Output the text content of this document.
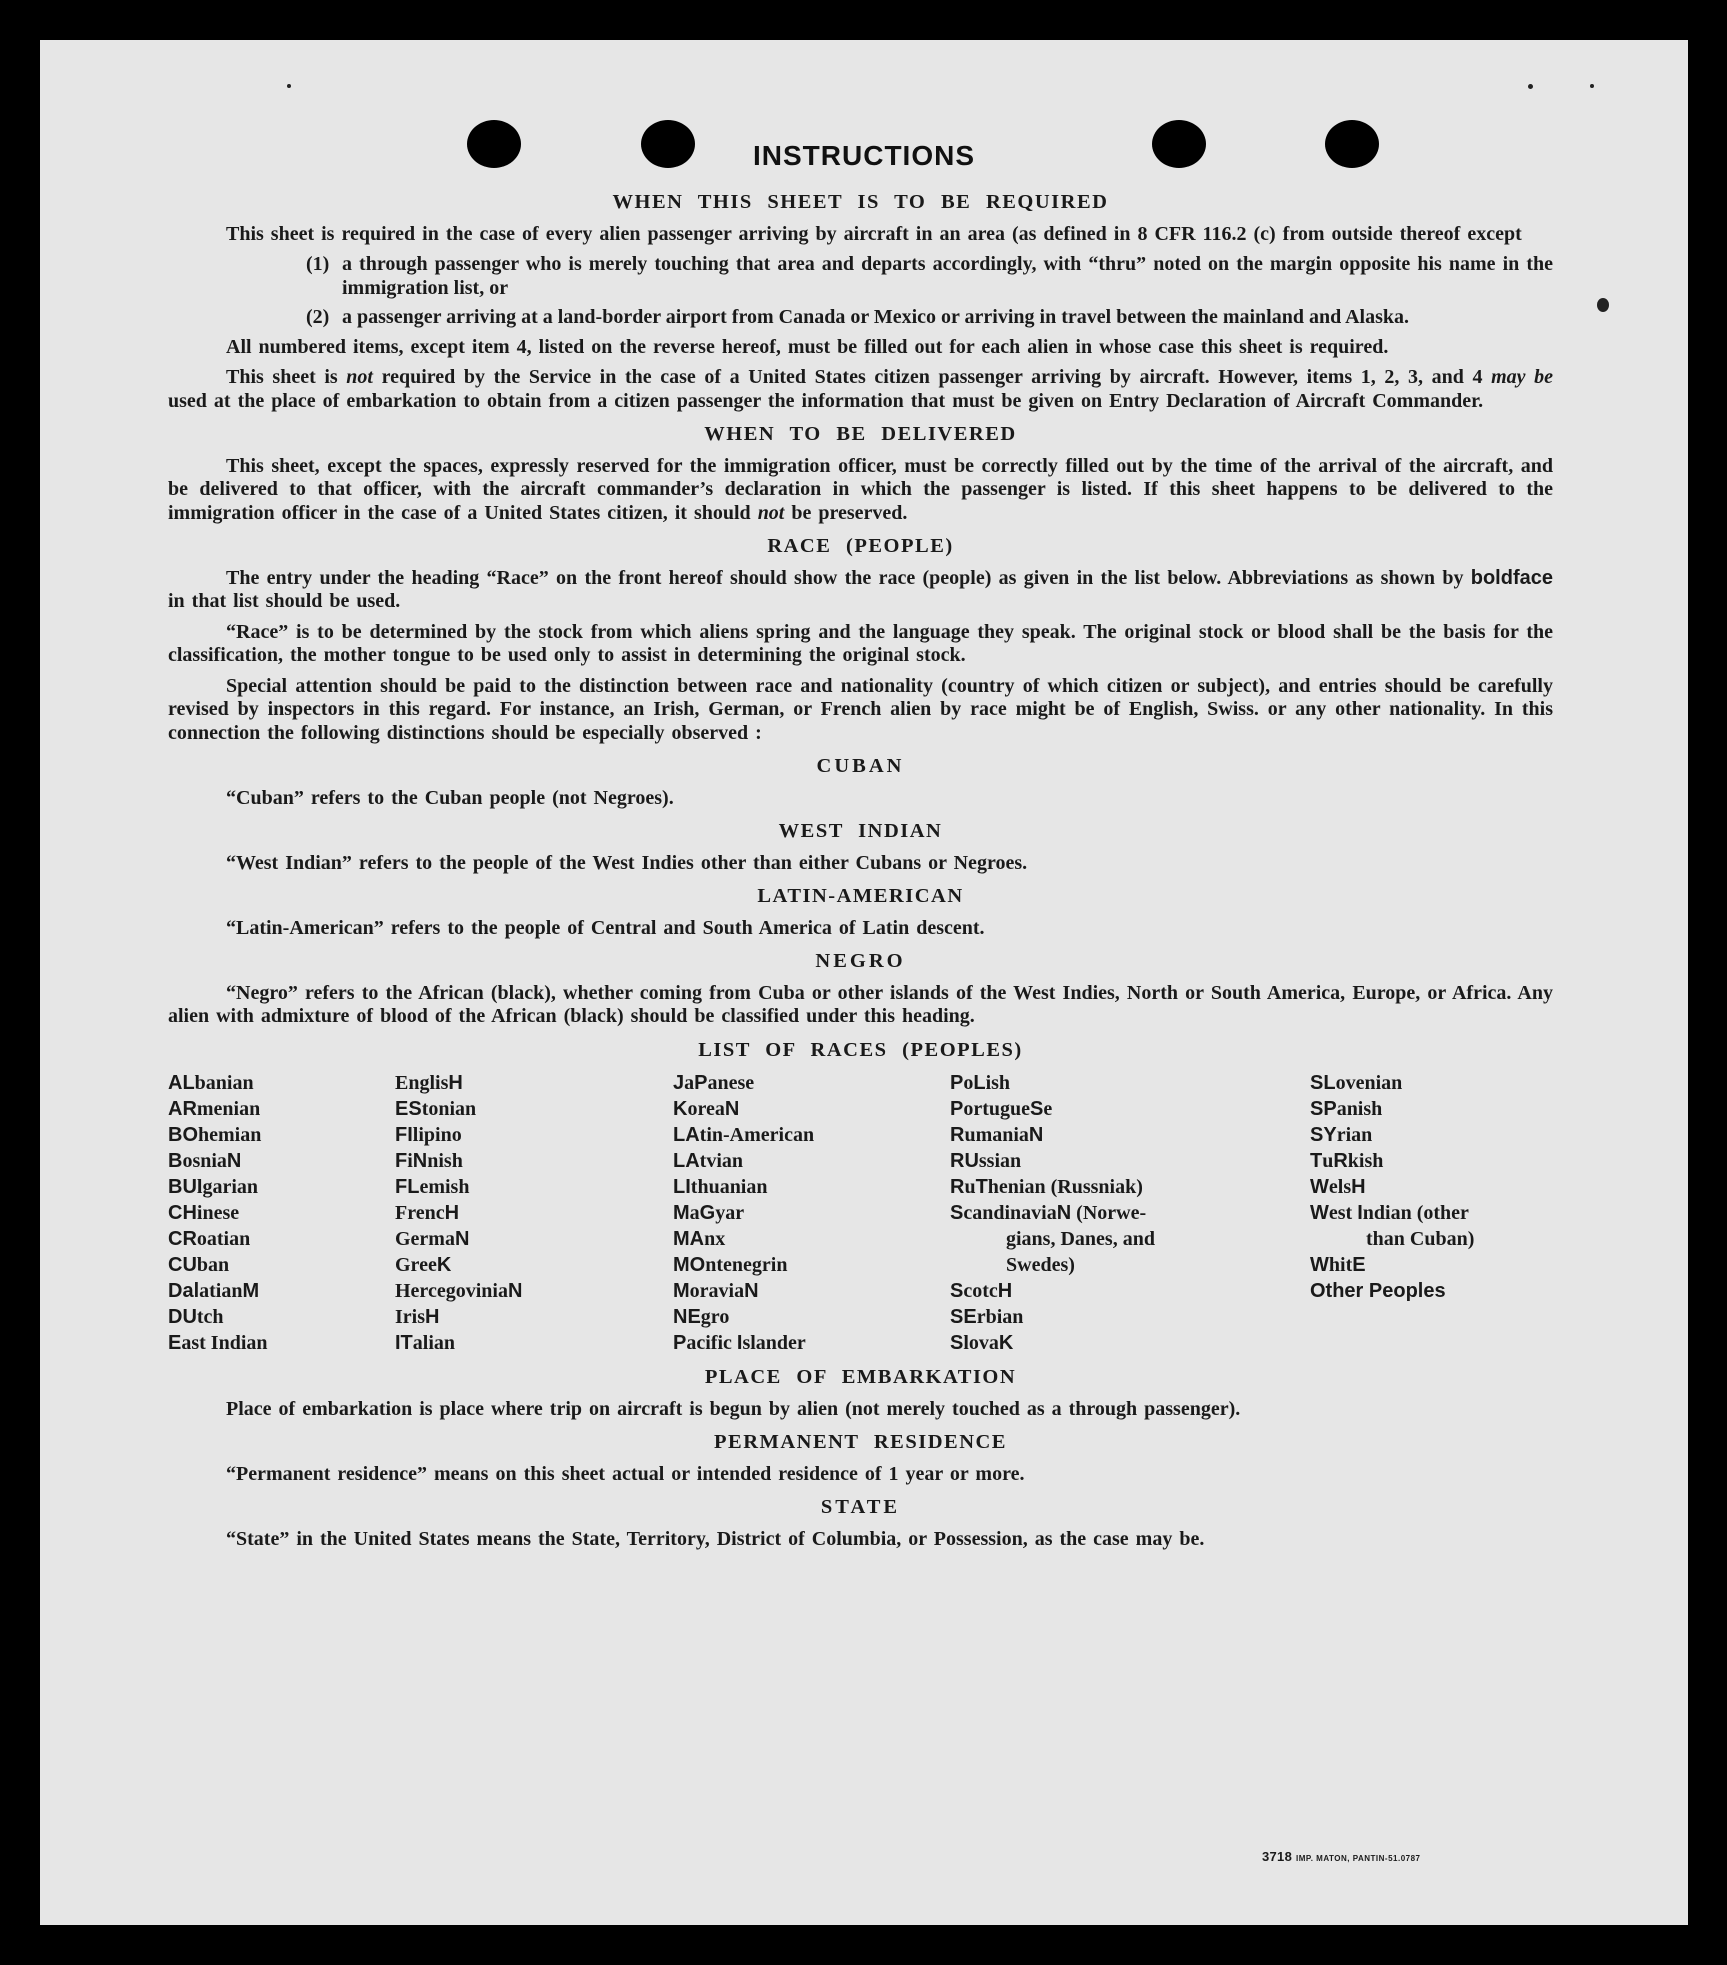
INSTRUCTIONS
WHEN THIS SHEET IS TO BE REQUIRED
This sheet is required in the case of every alien passenger arriving by aircraft in an area (as defined in 8 CFR 116.2 (c) from outside thereof except
(1) a through passenger who is merely touching that area and departs accordingly, with “thru” noted on the margin opposite his name in the immigration list, or
(2) a passenger arriving at a land-border airport from Canada or Mexico or arriving in travel between the mainland and Alaska.
All numbered items, except item 4, listed on the reverse hereof, must be filled out for each alien in whose case this sheet is required.
This sheet is not required by the Service in the case of a United States citizen passenger arriving by aircraft. However, items 1, 2, 3, and 4 may be used at the place of embarkation to obtain from a citizen passenger the information that must be given on Entry Declaration of Aircraft Commander.
WHEN TO BE DELIVERED
This sheet, except the spaces, expressly reserved for the immigration officer, must be correctly filled out by the time of the arrival of the aircraft, and be delivered to that officer, with the aircraft commander’s declaration in which the passenger is listed. If this sheet happens to be delivered to the immigration officer in the case of a United States citizen, it should not be preserved.
RACE (PEOPLE)
The entry under the heading “Race” on the front hereof should show the race (people) as given in the list below. Abbreviations as shown by boldface in that list should be used.
“Race” is to be determined by the stock from which aliens spring and the language they speak. The original stock or blood shall be the basis for the classification, the mother tongue to be used only to assist in determining the original stock.
Special attention should be paid to the distinction between race and nationality (country of which citizen or subject), and entries should be carefully revised by inspectors in this regard. For instance, an Irish, German, or French alien by race might be of English, Swiss. or any other nationality. In this connection the following distinctions should be especially observed :
CUBAN
“Cuban” refers to the Cuban people (not Negroes).
WEST INDIAN
“West Indian” refers to the people of the West Indies other than either Cubans or Negroes.
LATIN-AMERICAN
“Latin-American” refers to the people of Central and South America of Latin descent.
NEGRO
“Negro” refers to the African (black), whether coming from Cuba or other islands of the West Indies, North or South America, Europe, or Africa. Any alien with admixture of blood of the African (black) should be classified under this heading.
LIST OF RACES (PEOPLES)
ALbanian
ARmenian
BOhemian
BosniaN
BUlgarian
CHinese
CRoatian
CUban
DalatianM
DUtch
East Indian
EnglisH
EStonian
FIlipino
FiNnish
FLemish
FrencH
GermaN
GreeK
HercegoviniaN
IrisH
ITalian
JaPanese
KoreaN
LAtin-American
LAtvian
LIthuanian
MaGyar
MAnx
MOntenegrin
MoraviaN
NEgro
Pacific Islander
PoLish
PortugueSe
RumaniaN
RUssian
RuThenian (Russniak)
ScandinaviaN (Norwe-
gians, Danes, and
Swedes)
ScotcH
SErbian
SlovaK
SLovenian
SPanish
SYrian
TuRkish
WelsH
West Indian (other
than Cuban)
WhitE
Other Peoples
PLACE OF EMBARKATION
Place of embarkation is place where trip on aircraft is begun by alien (not merely touched as a through passenger).
PERMANENT RESIDENCE
“Permanent residence” means on this sheet actual or intended residence of 1 year or more.
STATE
“State” in the United States means the State, Territory, District of Columbia, or Possession, as the case may be.
3718 IMP. MATON, PANTIN-51.0787
